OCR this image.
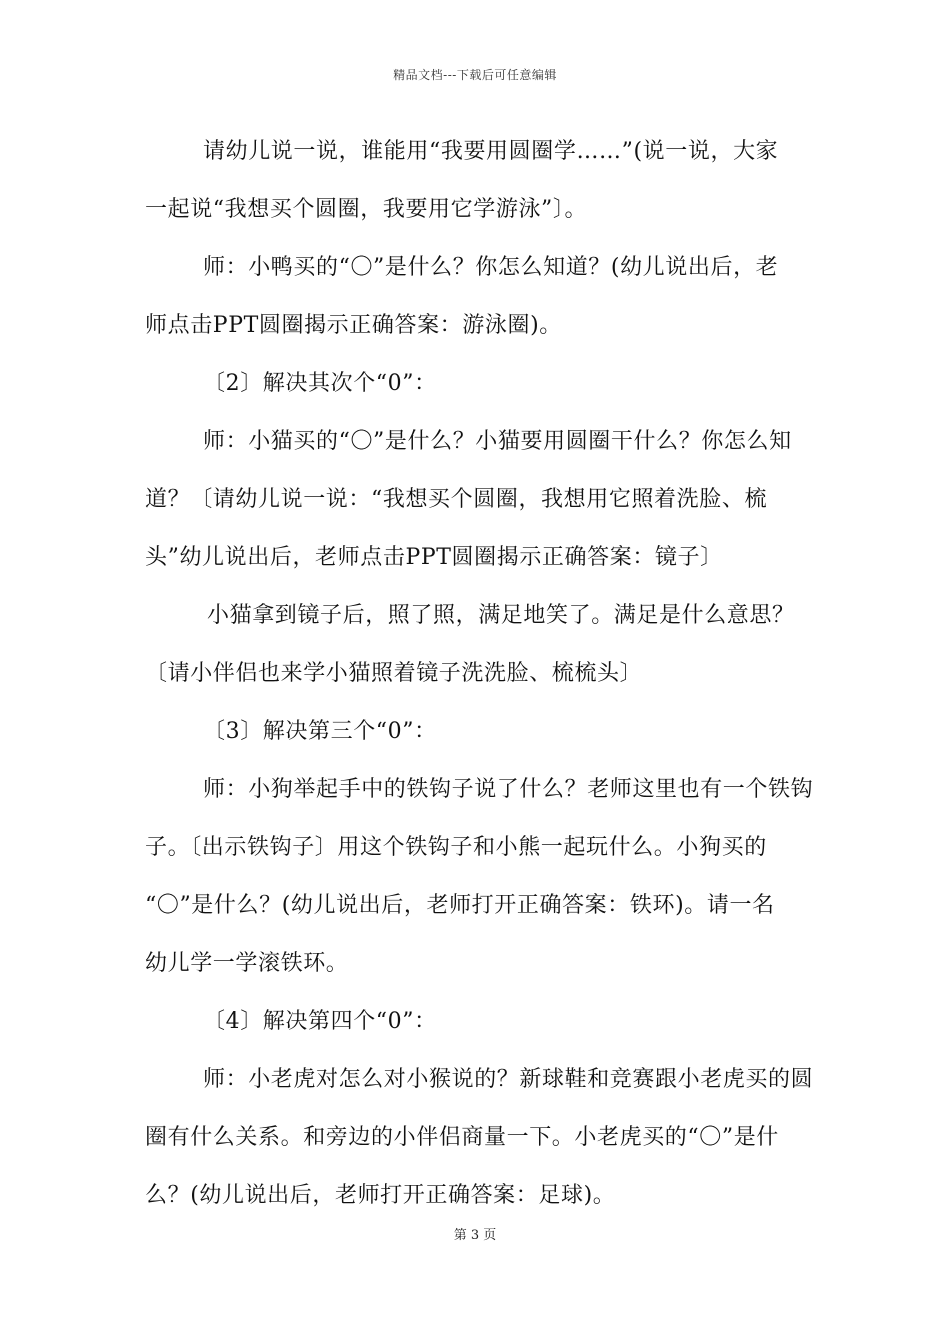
精品文档---下载后可任意编辑
请幼儿说一说，谁能用“我要用圆圈学……”(说一说，大家
一起说“我想买个圆圈，我要用它学游泳”〕。
师：小鸭买的“〇”是什么？你怎么知道？(幼儿说出后，老
师点击PPT圆圈揭示正确答案：游泳圈)。
〔2〕解决其次个“0”：
师：小猫买的“〇”是什么？小猫要用圆圈干什么？你怎么知
道？〔请幼儿说一说：“我想买个圆圈，我想用它照着洗脸、梳
头”幼儿说出后，老师点击PPT圆圈揭示正确答案：镜子〕
小猫拿到镜子后，照了照，满足地笑了。满足是什么意思？
〔请小伴侣也来学小猫照着镜子洗洗脸、梳梳头〕
〔3〕解决第三个“0”：
师：小狗举起手中的铁钩子说了什么？老师这里也有一个铁钩
子。〔出示铁钩子〕用这个铁钩子和小熊一起玩什么。小狗买的
“〇”是什么？(幼儿说出后，老师打开正确答案：铁环)。请一名
幼儿学一学滚铁环。
〔4〕解决第四个“0”：
师：小老虎对怎么对小猴说的？新球鞋和竞赛跟小老虎买的圆
圈有什么关系。和旁边的小伴侣商量一下。小老虎买的“〇”是什
么？(幼儿说出后，老师打开正确答案：足球)。
第 3 页
